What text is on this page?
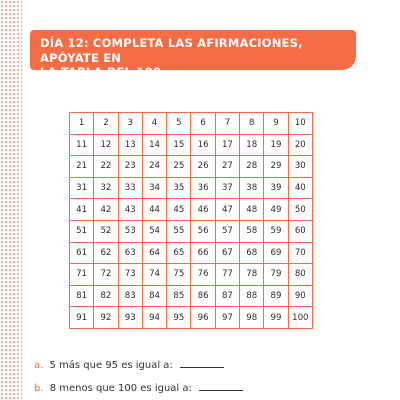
DÍA 12: COMPLETA LAS AFIRMACIONES, APÓYATE EN
LA TABLA DEL 100.
1	2	3	4	5	6	7	8	9	10
11	12	13	14	15	16	17	18	19	20
21	22	23	24	25	26	27	28	29	30
31	32	33	34	35	36	37	38	39	40
41	42	43	44	45	46	47	48	49	50
51	52	53	54	55	56	57	58	59	60
61	62	63	64	65	66	67	68	69	70
71	72	73	74	75	76	77	78	79	80
81	82	83	84	85	86	87	88	89	90
91	92	93	94	95	96	97	98	99	100
a. 5 más que 95 es igual a:
b. 8 menos que 100 es igual a:
